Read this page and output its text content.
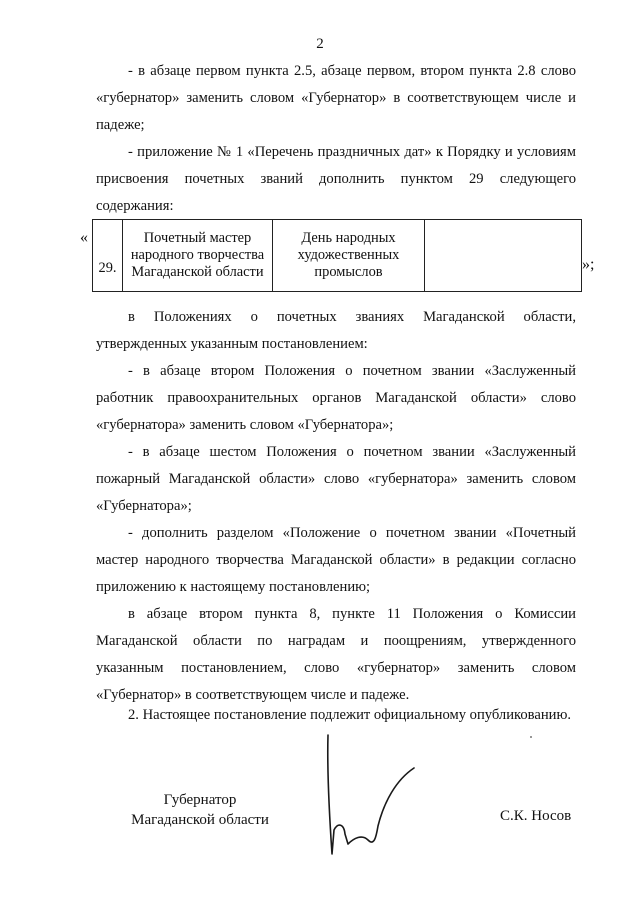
2

- в абзаце первом пункта 2.5, абзаце первом, втором пункта 2.8 слово «губернатор» заменить словом «Губернатор» в соответствующем числе и падеже;

- приложение № 1 «Перечень праздничных дат» к Порядку и условиям присвоения почетных званий дополнить пунктом 29 следующего содержания:

«
29.	Почетный мастер народного творчества Магаданской области	День народных художественных промыслов		»;

в Положениях о почетных званиях Магаданской области, утвержденных указанным постановлением:

- в абзаце втором Положения о почетном звании «Заслуженный работник правоохранительных органов Магаданской области» слово «губернатора» заменить словом «Губернатора»;

- в абзаце шестом Положения о почетном звании «Заслуженный пожарный Магаданской области» слово «губернатора» заменить словом «Губернатора»;

- дополнить разделом «Положение о почетном звании «Почетный мастер народного творчества Магаданской области» в редакции согласно приложению к настоящему постановлению;

в абзаце втором пункта 8, пункте 11 Положения о Комиссии Магаданской области по наградам и поощрениям, утвержденного указанным постановлением, слово «губернатор» заменить словом «Губернатор» в соответствующем числе и падеже.

2. Настоящее постановление подлежит официальному опубликованию.

Губернатор
Магаданской области	С.К. Носов
